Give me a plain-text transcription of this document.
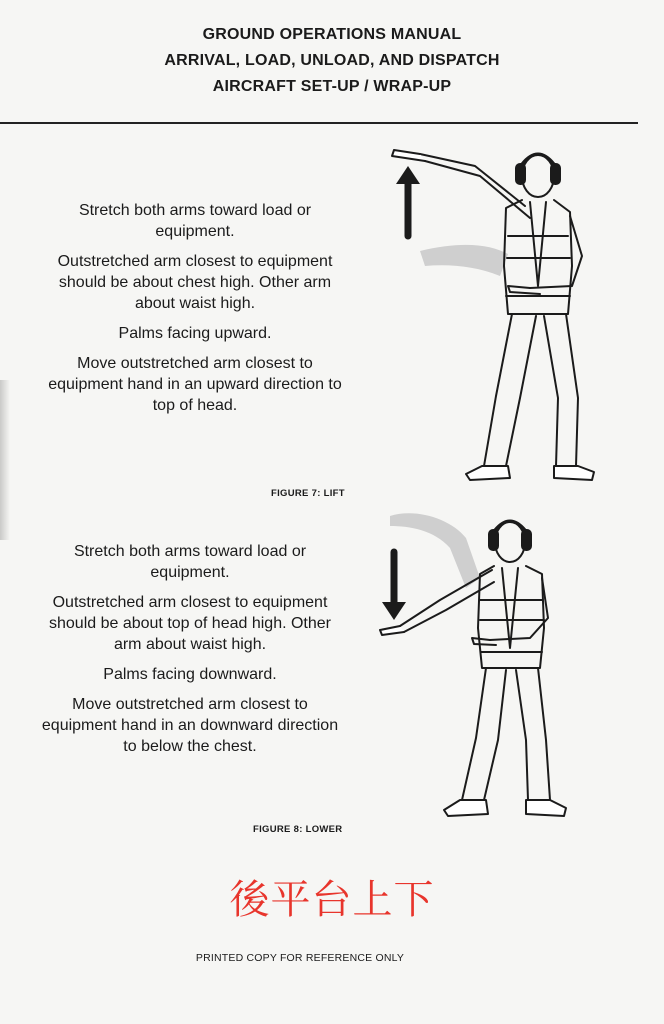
GROUND OPERATIONS MANUAL
ARRIVAL, LOAD, UNLOAD, AND DISPATCH
AIRCRAFT SET-UP / WRAP-UP

Stretch both arms toward load or equipment.

Outstretched arm closest to equipment should be about chest high. Other arm about waist high.

Palms facing upward.

Move outstretched arm closest to equipment hand in an upward direction to top of head.

FIGURE 7: LIFT

Stretch both arms toward load or equipment.

Outstretched arm closest to equipment should be about top of head high. Other arm about waist high.

Palms facing downward.

Move outstretched arm closest to equipment hand in an downward direction to below the chest.

FIGURE 8: LOWER
後平台上下
PRINTED COPY FOR REFERENCE ONLY
